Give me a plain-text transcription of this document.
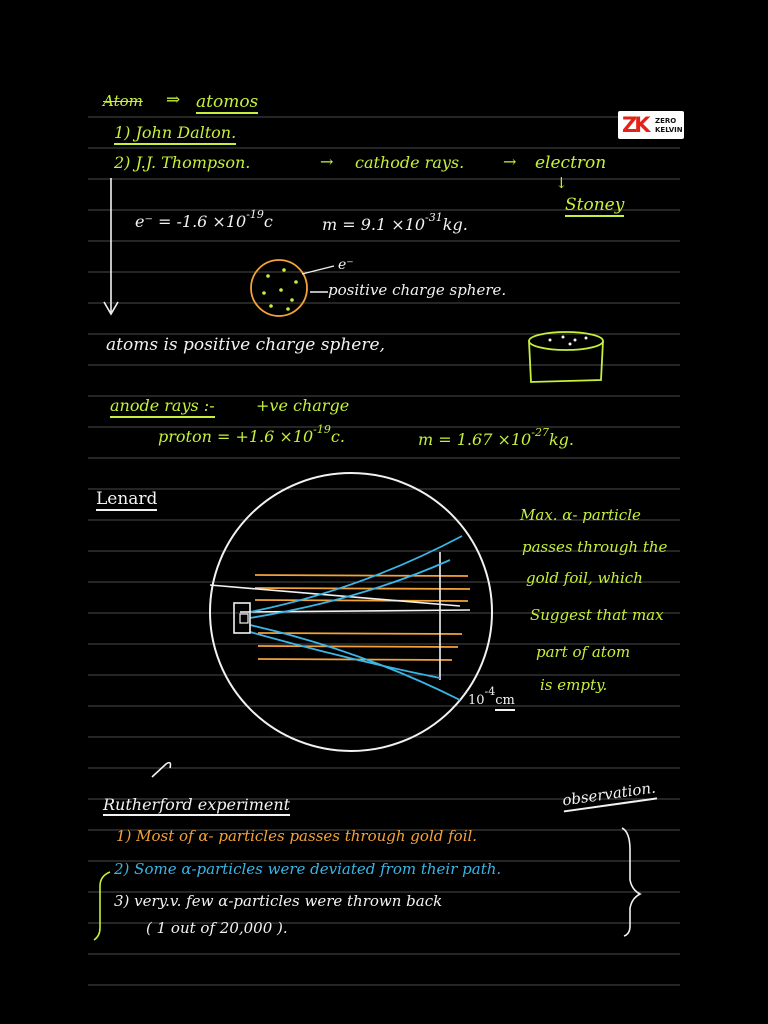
ZK ZERO
KELVIN
Atom ⇒ atomos
1) John Dalton.
2) J.J. Thompson.	→ cathode rays. → electron
↓
Stoney
$e^- = -1.6 \times 10^{-19}c$	$m = 9.1 \times 10^{-31}kg$.
e⁻
positive charge sphere.
atoms is positive charge sphere,
anode rays :-	+ve charge
proton = $+1.6 \times 10^{-19}c$.	$m = 1.67 \times 10^{-27}kg$.
Lenard
Max. α- particle
passes through the
gold foil, which
Suggest that max
part of atom
is empty.
$10^{-4}cm$
Rutherford experiment	observation.
1) Most of α- particles passes through gold foil.
2) Some α-particles were deviated from their path.
3) very.v. few α-particles were thrown back
( 1 out of 20,000 ).
